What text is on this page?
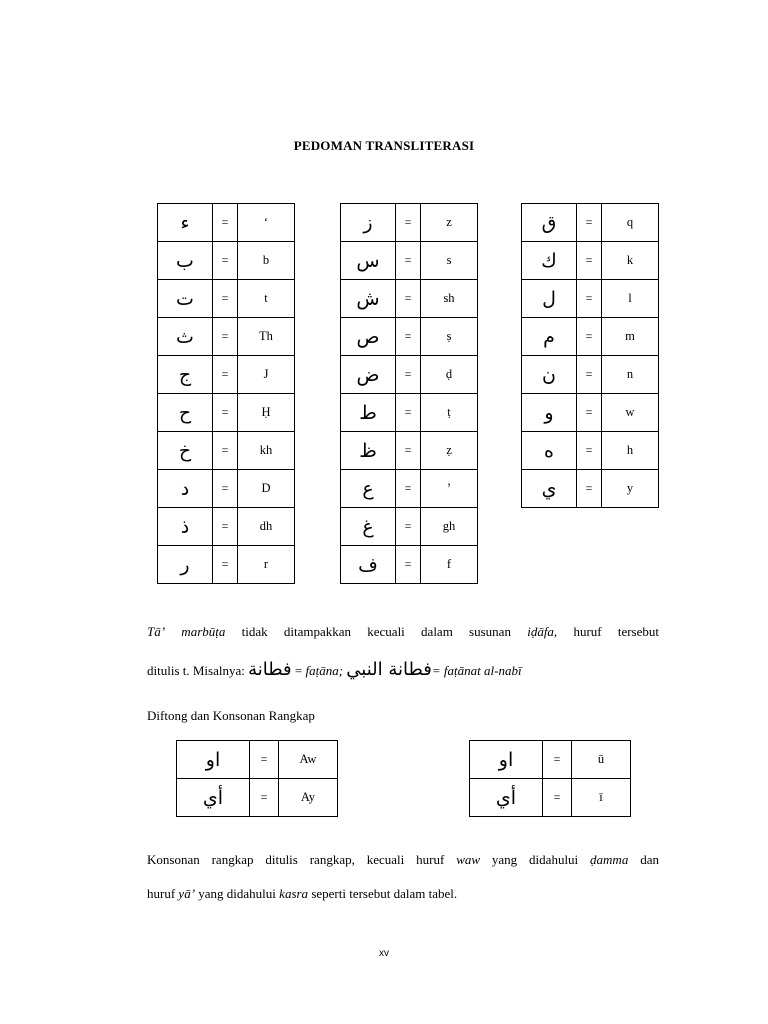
PEDOMAN TRANSLITERASI
ء	=	ʻ
ب	=	b
ت	=	t
ث	=	Th
ج	=	J
ح	=	Ḥ
خ	=	kh
د	=	D
ذ	=	dh
ر	=	r
ز	=	z
س	=	s
ش	=	sh
ص	=	ṣ
ض	=	ḍ
ط	=	ṭ
ظ	=	ẓ
ع	=	ʼ
غ	=	gh
ف	=	f
ق	=	q
ك	=	k
ل	=	l
م	=	m
ن	=	n
و	=	w
ه	=	h
ي	=	y
Tāʼ marbūṭa tidak ditampakkan kecuali dalam susunan iḍāfa, huruf tersebut
ditulis t. Misalnya: فطانة = faṭāna; فطانة النبي= faṭānat al-nabī
Diftong dan Konsonan Rangkap
او	=	Aw
أي	=	Ay
او	=	ū
أي	=	ī
Konsonan rangkap ditulis rangkap, kecuali huruf waw yang didahului ḍamma dan
huruf yāʼ yang didahului kasra seperti tersebut dalam tabel.
xv
